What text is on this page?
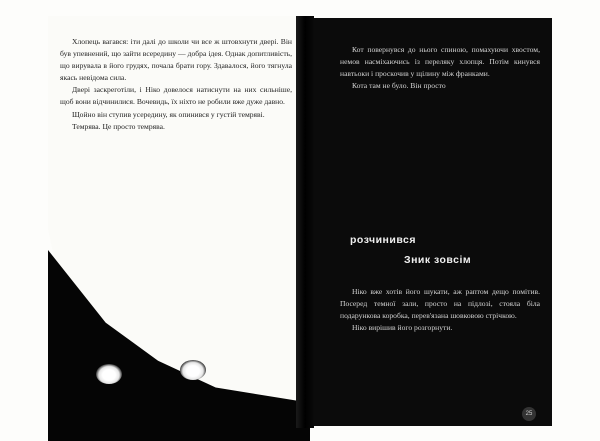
Хлопець вагався: іти далі до школи чи все ж штовхнути двері. Він був упевнений, що зайти всередину — добра ідея. Однак допитливість, що вирувала в його грудях, почала брати гору. Здавалося, його тягнула якась невідома сила.

Двері заскреготіли, і Ніко довелося натиснути на них сильніше, щоб вони відчинилися. Вочевидь, їх ніхто не робили вже дуже давно.

Щойно він ступив усередину, як опинився у густій темряві.

Темрява. Це просто темрява.

Кот повернувся до нього спиною, помахуючи хвостом, немов насміхаючись із переляку хлопця. Потім кинувся навтьоки і проскочив у щілину між франками.

Кота там не було. Він просто

розчинився
Зник зовсім

Ніко вже хотів його шукати, аж раптом дещо помітив. Посеред темної зали, просто на підлозі, стояла біла подарункова коробка, перев'язана шовковою стрічкою.

Ніко вирішив його розгорнути.

25
